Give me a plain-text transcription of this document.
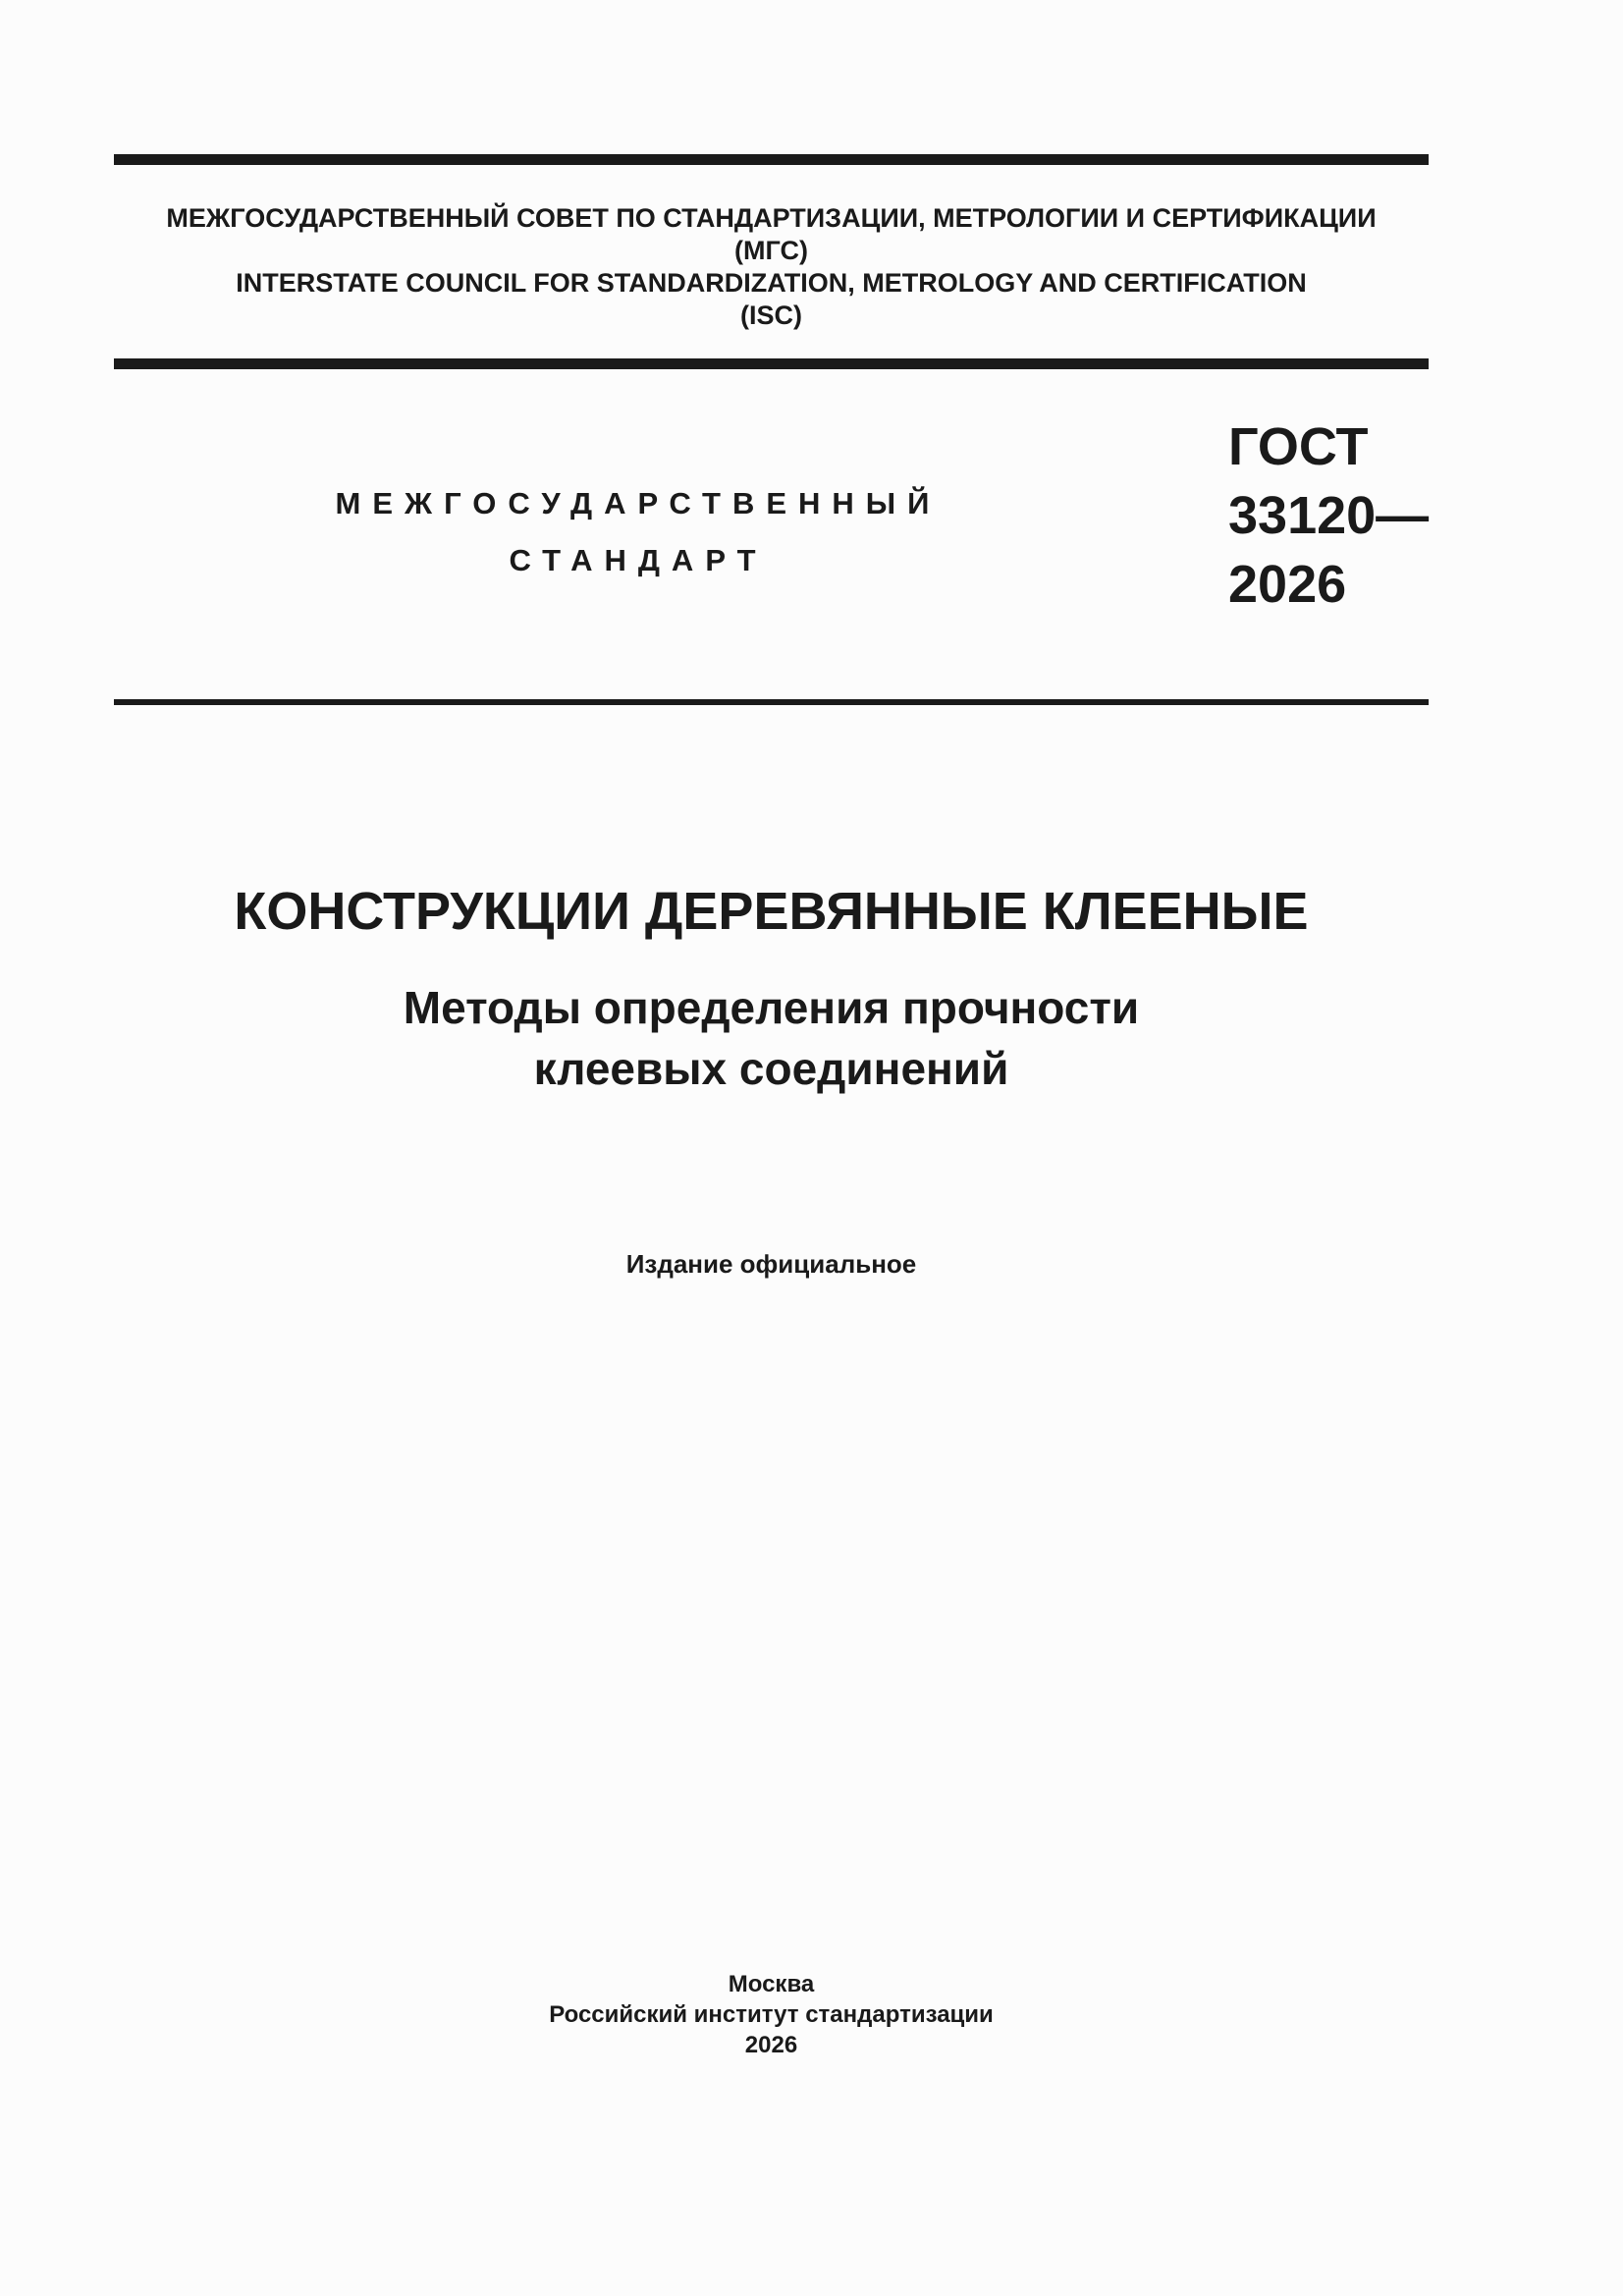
МЕЖГОСУДАРСТВЕННЫЙ СОВЕТ ПО СТАНДАРТИЗАЦИИ, МЕТРОЛОГИИ И СЕРТИФИКАЦИИ
(МГС)
INTERSTATE COUNCIL FOR STANDARDIZATION, METROLOGY AND CERTIFICATION
(ISC)
МЕЖГОСУДАРСТВЕННЫЙ
СТАНДАРТ
ГОСТ
33120—
2026
КОНСТРУКЦИИ ДЕРЕВЯННЫЕ КЛЕЕНЫЕ
Методы определения прочности
клеевых соединений
Издание официальное
Москва
Российский институт стандартизации
2026
